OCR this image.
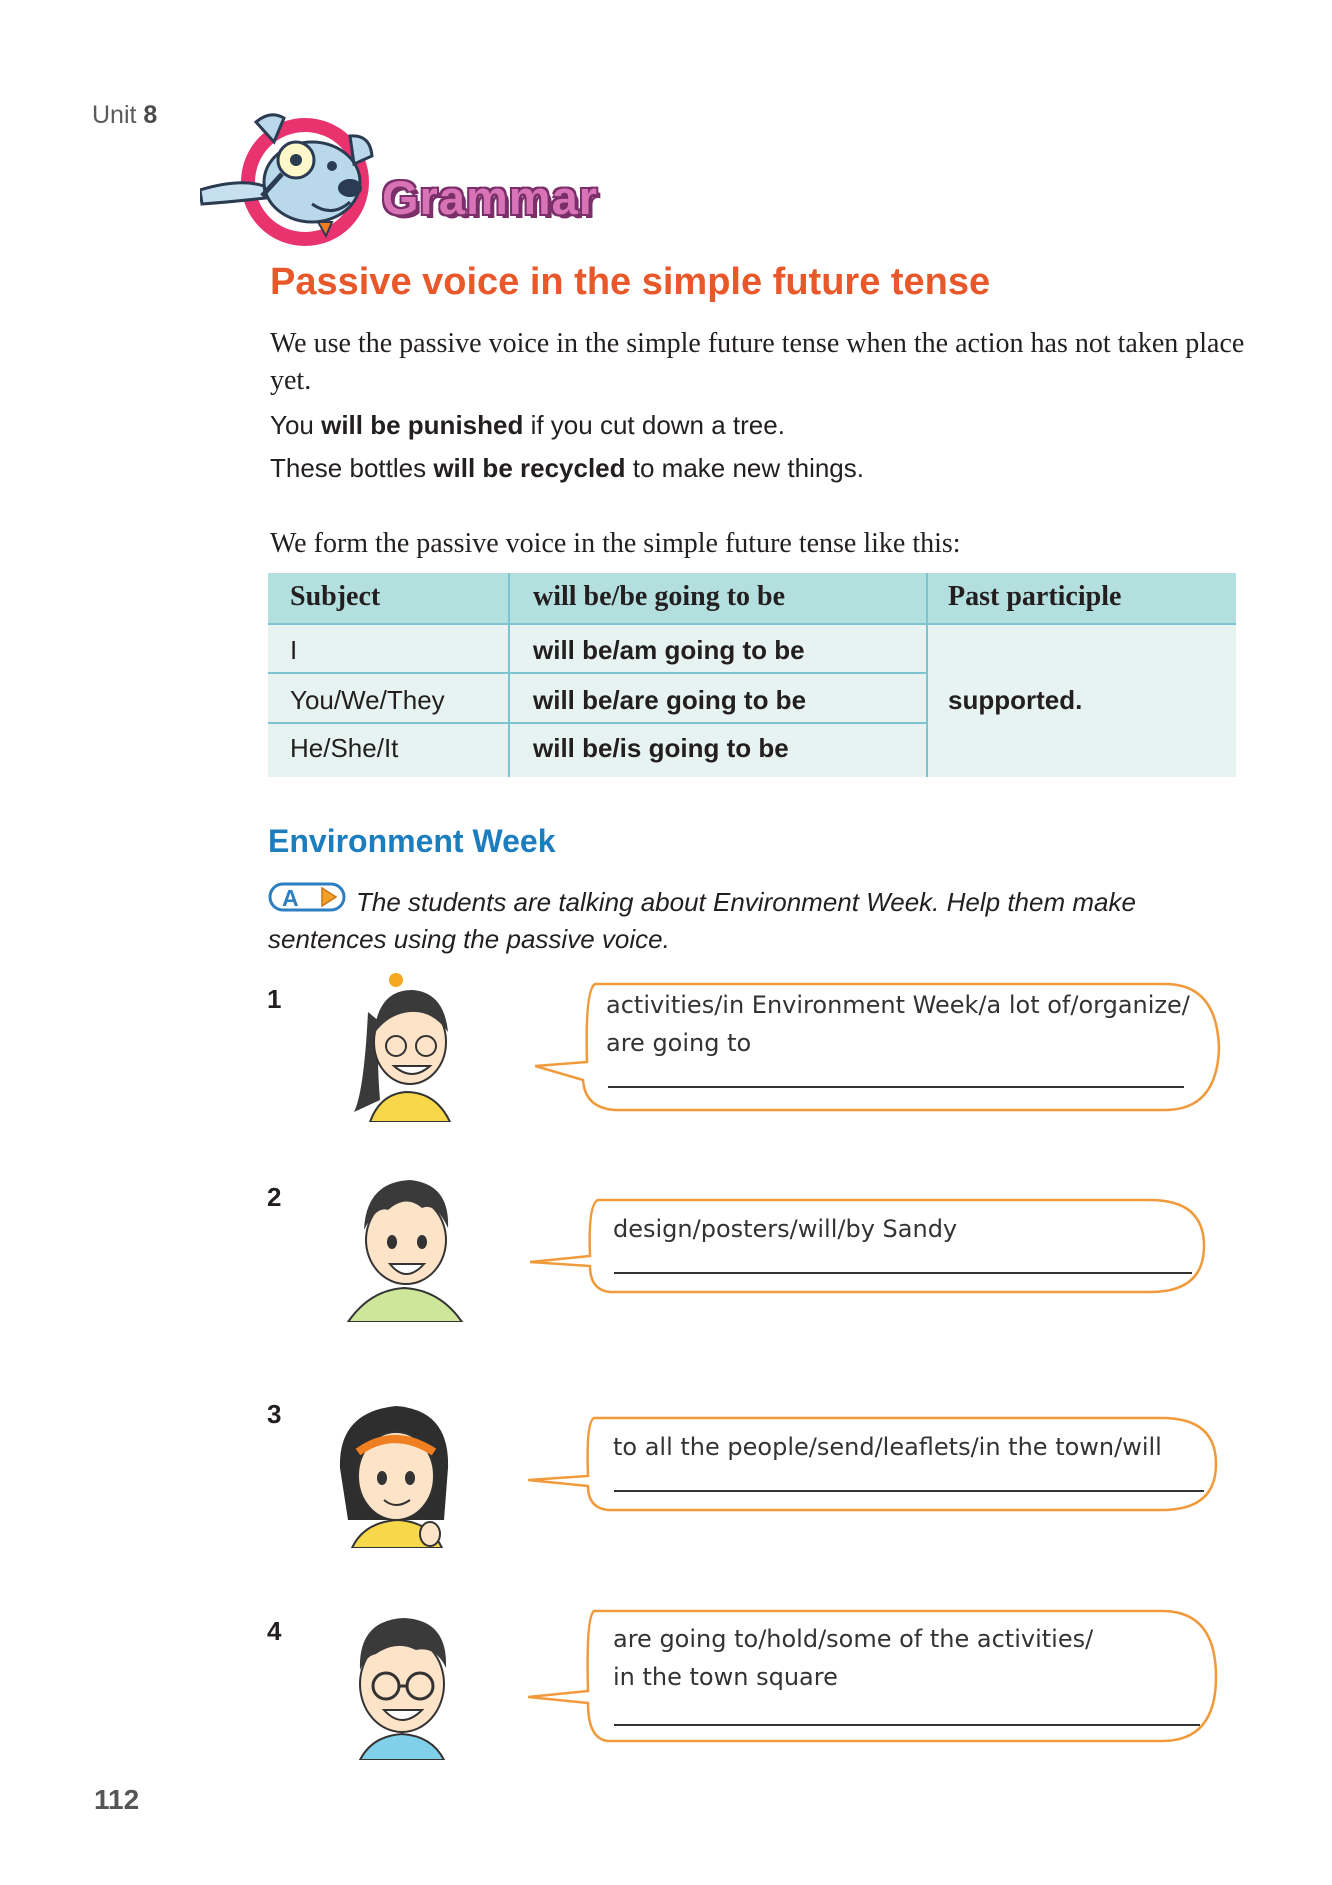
Unit 8
Grammar
Passive voice in the simple future tense
We use the passive voice in the simple future tense when the action has not taken place yet.
You will be punished if you cut down a tree.
These bottles will be recycled to make new things.
We form the passive voice in the simple future tense like this:
Subject	will be/be going to be	Past participle
I	will be/am going to be
You/We/They	will be/are going to be
He/She/It	will be/is going to be
supported.
Environment Week
The students are talking about Environment Week. Help them make sentences using the passive voice.
A
1	activities/in Environment Week/a lot of/organize/
are going to
2
design/posters/will/by Sandy
3
to all the people/send/leaflets/in the town/will
4	are going to/hold/some of the activities/
in the town square
112
